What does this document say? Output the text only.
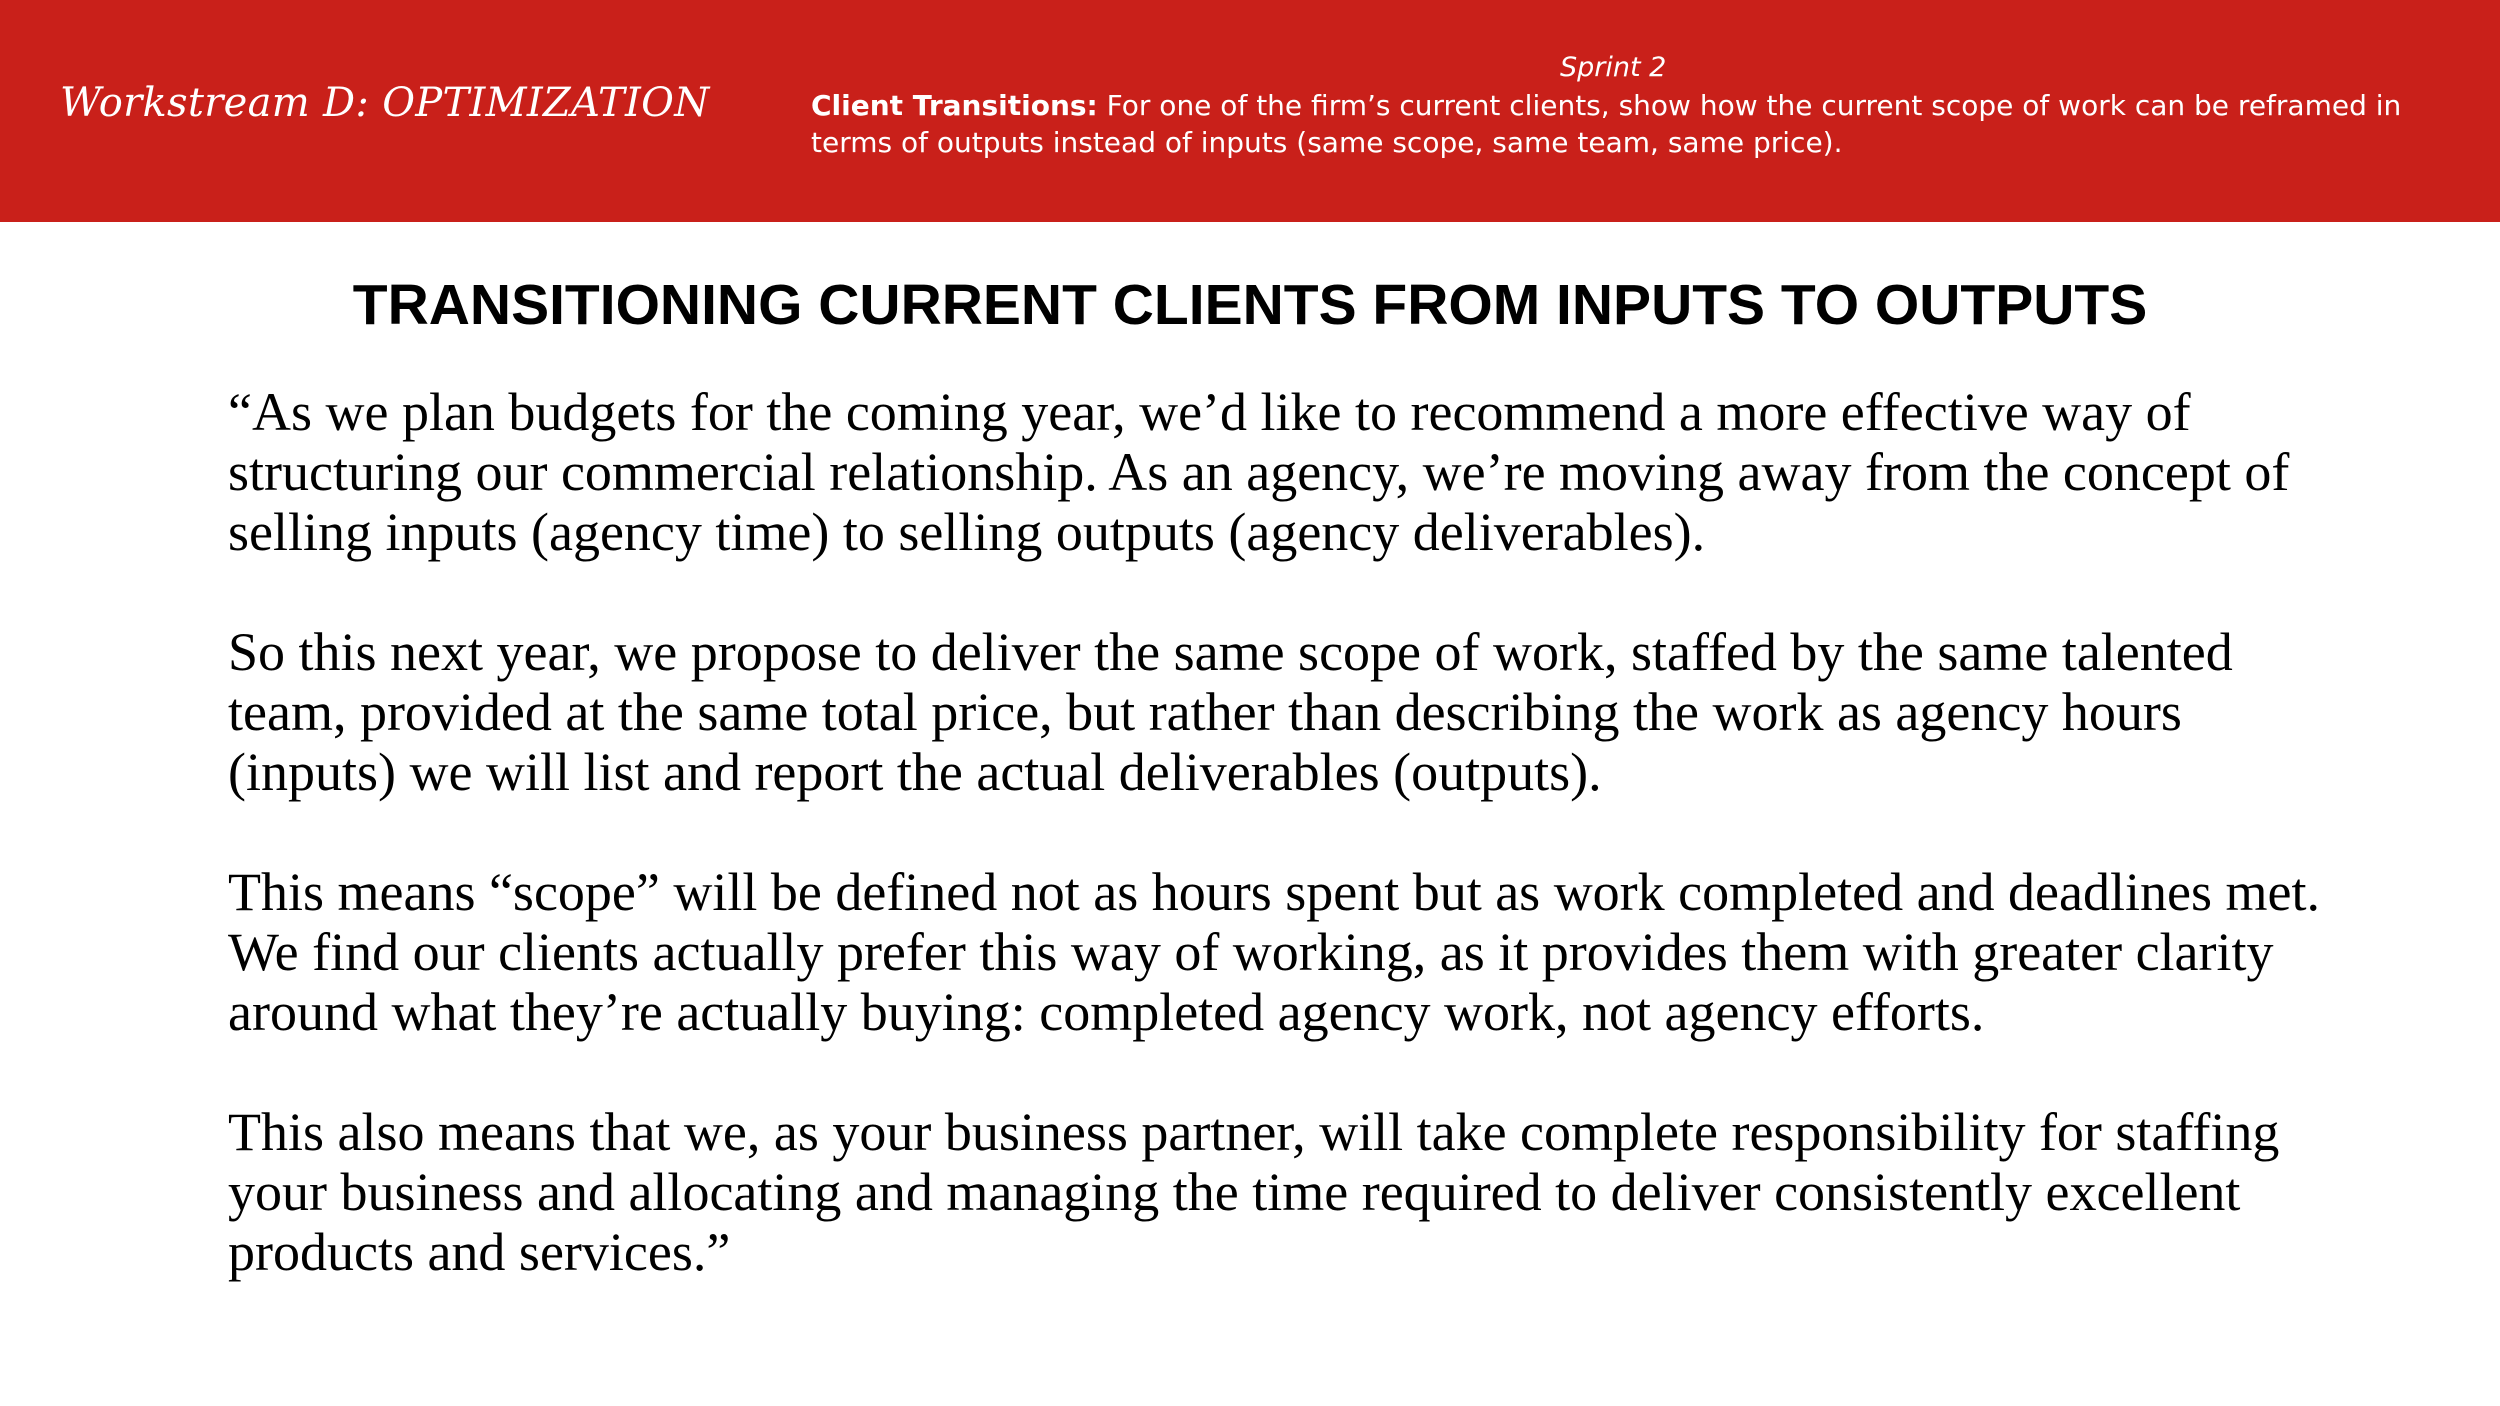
Workstream D: OPTIMIZATION
Sprint 2
Client Transitions: For one of the firm’s current clients, show how the current scope of work can be reframed in terms of outputs instead of inputs (same scope, same team, same price).
TRANSITIONING CURRENT CLIENTS FROM INPUTS TO OUTPUTS

“As we plan budgets for the coming year, we’d like to recommend a more effective way of structuring our commercial relationship. As an agency, we’re moving away from the concept of selling inputs (agency time) to selling outputs (agency deliverables).

So this next year, we propose to deliver the same scope of work, staffed by the same talented team, provided at the same total price, but rather than describing the work as agency hours (inputs) we will list and report the actual deliverables (outputs).

This means “scope” will be defined not as hours spent but as work completed and deadlines met. We find our clients actually prefer this way of working, as it provides them with greater clarity around what they’re actually buying: completed agency work, not agency efforts.

This also means that we, as your business partner, will take complete responsibility for staffing your business and allocating and managing the time required to deliver consistently excellent products and services.”
